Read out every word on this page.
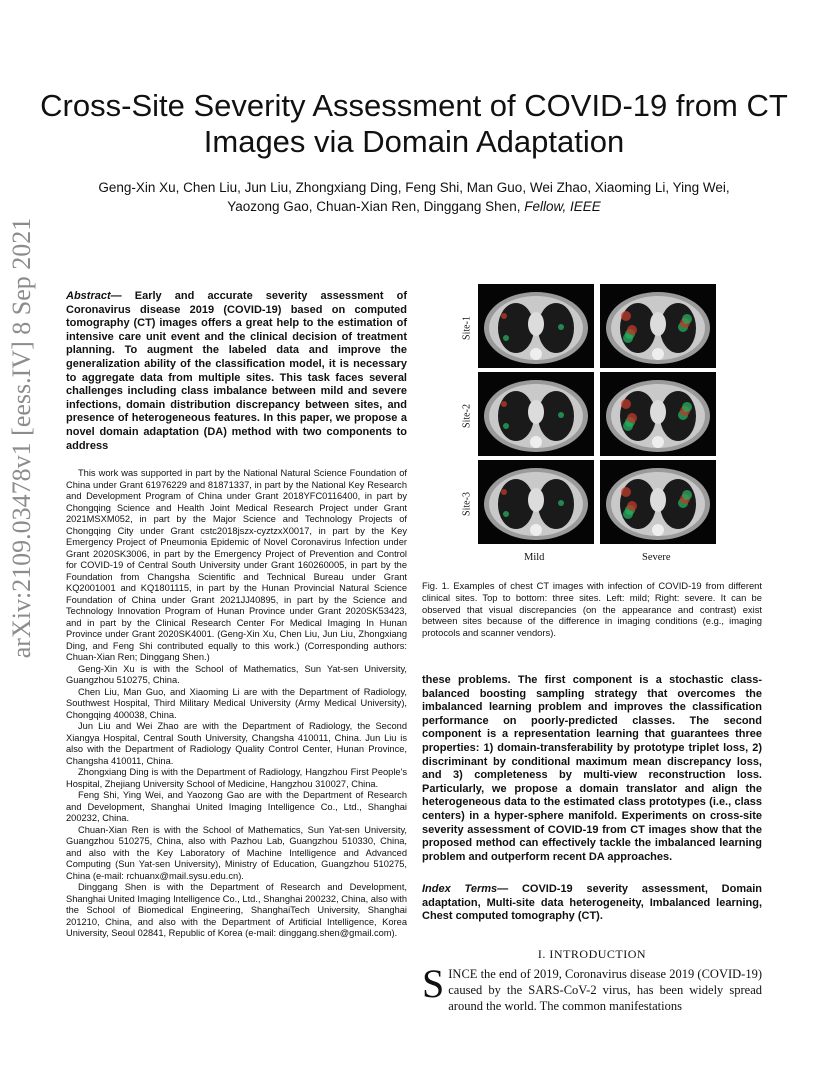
arXiv:2109.03478v1 [eess.IV] 8 Sep 2021
Cross-Site Severity Assessment of COVID-19 from CT Images via Domain Adaptation
Geng-Xin Xu, Chen Liu, Jun Liu, Zhongxiang Ding, Feng Shi, Man Guo, Wei Zhao, Xiaoming Li, Ying Wei,
Yaozong Gao, Chuan-Xian Ren, Dinggang Shen, Fellow, IEEE
Abstract— Early and accurate severity assessment of Coronavirus disease 2019 (COVID-19) based on computed tomography (CT) images offers a great help to the estimation of intensive care unit event and the clinical decision of treatment planning. To augment the labeled data and improve the generalization ability of the classification model, it is necessary to aggregate data from multiple sites. This task faces several challenges including class imbalance between mild and severe infections, domain distribution discrepancy between sites, and presence of heterogeneous features. In this paper, we propose a novel domain adaptation (DA) method with two components to address

This work was supported in part by the National Natural Science Foundation of China under Grant 61976229 and 81871337, in part by the National Key Research and Development Program of China under Grant 2018YFC0116400, in part by Chongqing Science and Health Joint Medical Research Project under Grant 2021MSXM052, in part by the Major Science and Technology Projects of Chongqing City under Grant cstc2018jszx-cyztzxX0017, in part by the Key Emergency Project of Pneumonia Epidemic of Novel Coronavirus Infection under Grant 2020SK3006, in part by the Emergency Project of Prevention and Control for COVID-19 of Central South University under Grant 160260005, in part by the Foundation from Changsha Scientific and Technical Bureau under Grant KQ2001001 and KQ1801115, in part by the Hunan Provincial Natural Science Foundation of China under Grant 2021JJ40895, in part by the Science and Technology Innovation Program of Hunan Province under Grant 2020SK53423, and in part by the Clinical Research Center For Medical Imaging In Hunan Province under Grant 2020SK4001. (Geng-Xin Xu, Chen Liu, Jun Liu, Zhongxiang Ding, and Feng Shi contributed equally to this work.) (Corresponding authors: Chuan-Xian Ren; Dinggang Shen.)

Geng-Xin Xu is with the School of Mathematics, Sun Yat-sen University, Guangzhou 510275, China.

Chen Liu, Man Guo, and Xiaoming Li are with the Department of Radiology, Southwest Hospital, Third Military Medical University (Army Medical University), Chongqing 400038, China.

Jun Liu and Wei Zhao are with the Department of Radiology, the Second Xiangya Hospital, Central South University, Changsha 410011, China. Jun Liu is also with the Department of Radiology Quality Control Center, Hunan Province, Changsha 410011, China.

Zhongxiang Ding is with the Department of Radiology, Hangzhou First People's Hospital, Zhejiang University School of Medicine, Hangzhou 310027, China.

Feng Shi, Ying Wei, and Yaozong Gao are with the Department of Research and Development, Shanghai United Imaging Intelligence Co., Ltd., Shanghai 200232, China.

Chuan-Xian Ren is with the School of Mathematics, Sun Yat-sen University, Guangzhou 510275, China, also with Pazhou Lab, Guangzhou 510330, China, and also with the Key Laboratory of Machine Intelligence and Advanced Computing (Sun Yat-sen University), Ministry of Education, Guangzhou 510275, China (e-mail: rchuanx@mail.sysu.edu.cn).

Dinggang Shen is with the Department of Research and Development, Shanghai United Imaging Intelligence Co., Ltd., Shanghai 200232, China, also with the School of Biomedical Engineering, ShanghaiTech University, Shanghai 201210, China, and also with the Department of Artificial Intelligence, Korea University, Seoul 02841, Republic of Korea (e-mail: dinggang.shen@gmail.com).

Site-1
Site-2
Site-3
Mild	Severe
Fig. 1. Examples of chest CT images with infection of COVID-19 from different clinical sites. Top to bottom: three sites. Left: mild; Right: severe. It can be observed that visual discrepancies (on the appearance and contrast) exist between sites because of the difference in imaging conditions (e.g., imaging protocols and scanner vendors).
these problems. The first component is a stochastic class-balanced boosting sampling strategy that overcomes the imbalanced learning problem and improves the classification performance on poorly-predicted classes. The second component is a representation learning that guarantees three properties: 1) domain-transferability by prototype triplet loss, 2) discriminant by conditional maximum mean discrepancy loss, and 3) completeness by multi-view reconstruction loss. Particularly, we propose a domain translator and align the heterogeneous data to the estimated class prototypes (i.e., class centers) in a hyper-sphere manifold. Experiments on cross-site severity assessment of COVID-19 from CT images show that the proposed method can effectively tackle the imbalanced learning problem and outperform recent DA approaches.
Index Terms— COVID-19 severity assessment, Domain adaptation, Multi-site data heterogeneity, Imbalanced learning, Chest computed tomography (CT).
I. INTRODUCTION
SINCE the end of 2019, Coronavirus disease 2019 (COVID-19) caused by the SARS-CoV-2 virus, has been widely spread around the world. The common manifestations
